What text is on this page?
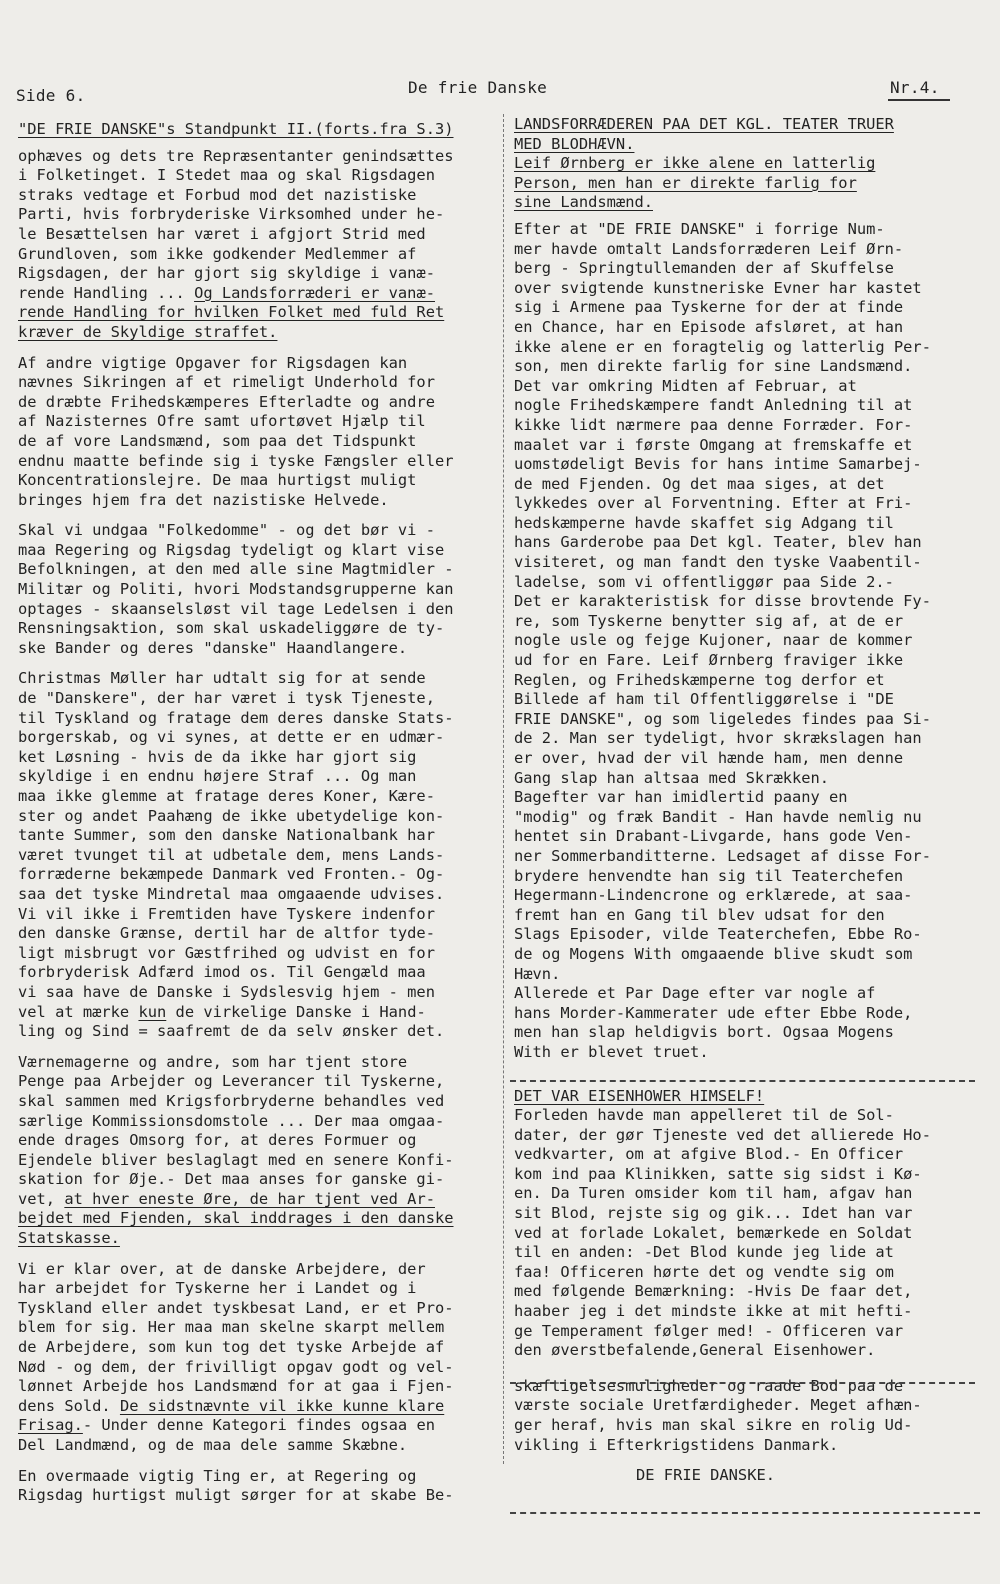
Side 6.	De frie Danske	Nr.4.

"DE FRIE DANSKE"s Standpunkt II.(forts.fra S.3)

ophæves og dets tre Repræsentanter genindsættes

i Folketinget. I Stedet maa og skal Rigsdagen

straks vedtage et Forbud mod det nazistiske

Parti, hvis forbryderiske Virksomhed under he-

le Besættelsen har været i afgjort Strid med

Grundloven, som ikke godkender Medlemmer af

Rigsdagen, der har gjort sig skyldige i vanæ-

rende Handling ... Og Landsforræderi er vanæ-

rende Handling for hvilken Folket med fuld Ret

kræver de Skyldige straffet.

Af andre vigtige Opgaver for Rigsdagen kan

nævnes Sikringen af et rimeligt Underhold for

de dræbte Frihedskæmperes Efterladte og andre

af Nazisternes Ofre samt ufortøvet Hjælp til

de af vore Landsmænd, som paa det Tidspunkt

endnu maatte befinde sig i tyske Fængsler eller

Koncentrationslejre. De maa hurtigst muligt

bringes hjem fra det nazistiske Helvede.

Skal vi undgaa "Folkedomme" - og det bør vi -

maa Regering og Rigsdag tydeligt og klart vise

Befolkningen, at den med alle sine Magtmidler -

Militær og Politi, hvori Modstandsgrupperne kan

optages - skaanselsløst vil tage Ledelsen i den

Rensningsaktion, som skal uskadeliggøre de ty-

ske Bander og deres "danske" Haandlangere.

Christmas Møller har udtalt sig for at sende

de "Danskere", der har været i tysk Tjeneste,

til Tyskland og fratage dem deres danske Stats-

borgerskab, og vi synes, at dette er en udmær-

ket Løsning - hvis de da ikke har gjort sig

skyldige i en endnu højere Straf ... Og man

maa ikke glemme at fratage deres Koner, Kære-

ster og andet Paahæng de ikke ubetydelige kon-

tante Summer, som den danske Nationalbank har

været tvunget til at udbetale dem, mens Lands-

forræderne bekæmpede Danmark ved Fronten.- Og-

saa det tyske Mindretal maa omgaaende udvises.

Vi vil ikke i Fremtiden have Tyskere indenfor

den danske Grænse, dertil har de altfor tyde-

ligt misbrugt vor Gæstfrihed og udvist en for

forbryderisk Adfærd imod os. Til Gengæld maa

vi saa have de Danske i Sydslesvig hjem - men

vel at mærke kun de virkelige Danske i Hand-

ling og Sind = saafremt de da selv ønsker det.

Værnemagerne og andre, som har tjent store

Penge paa Arbejder og Leverancer til Tyskerne,

skal sammen med Krigsforbryderne behandles ved

særlige Kommissionsdomstole ... Der maa omgaa-

ende drages Omsorg for, at deres Formuer og

Ejendele bliver beslaglagt med en senere Konfi-

skation for Øje.- Det maa anses for ganske gi-

vet, at hver eneste Øre, de har tjent ved Ar-

bejdet med Fjenden, skal inddrages i den danske

Statskasse.

Vi er klar over, at de danske Arbejdere, der

har arbejdet for Tyskerne her i Landet og i

Tyskland eller andet tyskbesat Land, er et Pro-

blem for sig. Her maa man skelne skarpt mellem

de Arbejdere, som kun tog det tyske Arbejde af

Nød - og dem, der frivilligt opgav godt og vel-

lønnet Arbejde hos Landsmænd for at gaa i Fjen-

dens Sold. De sidstnævnte vil ikke kunne klare

Frisag.- Under denne Kategori findes ogsaa en

Del Landmænd, og de maa dele samme Skæbne.

En overmaade vigtig Ting er, at Regering og

Rigsdag hurtigst muligt sørger for at skabe Be-

LANDSFORRÆDEREN PAA DET KGL. TEATER TRUER

MED BLODHÆVN.

Leif Ørnberg er ikke alene en latterlig

Person, men han er direkte farlig for

sine Landsmænd.

Efter at "DE FRIE DANSKE" i forrige Num-

mer havde omtalt Landsforræderen Leif Ørn-

berg - Springtullemanden der af Skuffelse

over svigtende kunstneriske Evner har kastet

sig i Armene paa Tyskerne for der at finde

en Chance, har en Episode afsløret, at han

ikke alene er en foragtelig og latterlig Per-

son, men direkte farlig for sine Landsmænd.

Det var omkring Midten af Februar, at

nogle Frihedskæmpere fandt Anledning til at

kikke lidt nærmere paa denne Forræder. For-

maalet var i første Omgang at fremskaffe et

uomstødeligt Bevis for hans intime Samarbej-

de med Fjenden. Og det maa siges, at det

lykkedes over al Forventning. Efter at Fri-

hedskæmperne havde skaffet sig Adgang til

hans Garderobe paa Det kgl. Teater, blev han

visiteret, og man fandt den tyske Vaabentil-

ladelse, som vi offentliggør paa Side 2.-

Det er karakteristisk for disse brovtende Fy-

re, som Tyskerne benytter sig af, at de er

nogle usle og fejge Kujoner, naar de kommer

ud for en Fare. Leif Ørnberg fraviger ikke

Reglen, og Frihedskæmperne tog derfor et

Billede af ham til Offentliggørelse i "DE

FRIE DANSKE", og som ligeledes findes paa Si-

de 2. Man ser tydeligt, hvor skrækslagen han

er over, hvad der vil hænde ham, men denne

Gang slap han altsaa med Skrækken.

Bagefter var han imidlertid paany en

"modig" og fræk Bandit - Han havde nemlig nu

hentet sin Drabant-Livgarde, hans gode Ven-

ner Sommerbanditterne. Ledsaget af disse For-

brydere henvendte han sig til Teaterchefen

Hegermann-Lindencrone og erklærede, at saa-

fremt han en Gang til blev udsat for den

Slags Episoder, vilde Teaterchefen, Ebbe Ro-

de og Mogens With omgaaende blive skudt som

Hævn.

Allerede et Par Dage efter var nogle af

hans Morder-Kammerater ude efter Ebbe Rode,

men han slap heldigvis bort. Ogsaa Mogens

With er blevet truet.

DET VAR EISENHOWER HIMSELF!

Forleden havde man appelleret til de Sol-

dater, der gør Tjeneste ved det allierede Ho-

vedkvarter, om at afgive Blod.- En Officer

kom ind paa Klinikken, satte sig sidst i Kø-

en. Da Turen omsider kom til ham, afgav han

sit Blod, rejste sig og gik... Idet han var

ved at forlade Lokalet, bemærkede en Soldat

til en anden: -Det Blod kunde jeg lide at

faa! Officeren hørte det og vendte sig om

med følgende Bemærkning: -Hvis De faar det,

haaber jeg i det mindste ikke at mit hefti-

ge Temperament følger med! - Officeren var

den øverstbefalende,General Eisenhower.

skæftigelsesmuligheder og raade Bod paa de

værste sociale Uretfærdigheder. Meget afhæn-

ger heraf, hvis man skal sikre en rolig Ud-

vikling i Efterkrigstidens Danmark.

DE FRIE DANSKE.
